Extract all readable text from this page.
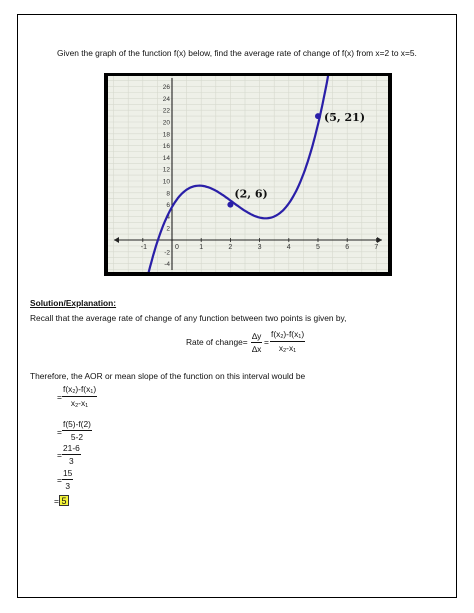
Given the graph of the function f(x) below, find the average rate of change of f(x) from x=2 to x=5.
-1	0	1	2	3	4	5	6	7
26
24
22
20
18
16
14
12
10
8
6
4
2
-2
-4
(2, 6)
(5, 21)
Solution/Explanation:
Recall that the average rate of change of any function between two points is given by,
Rate of change= $\frac{\Delta y}{\Delta x} = \frac{f(x_2)-f(x_1)}{x_2-x_1}$
Therefore, the AOR or mean slope of the function on this interval would be
= $\frac{f(x_2)-f(x_1)}{x_2-x_1}$
= $\frac{f(5)-f(2)}{5-2}$
= $\frac{21-6}{3}$
= $\frac{15}{3}$
= 5
